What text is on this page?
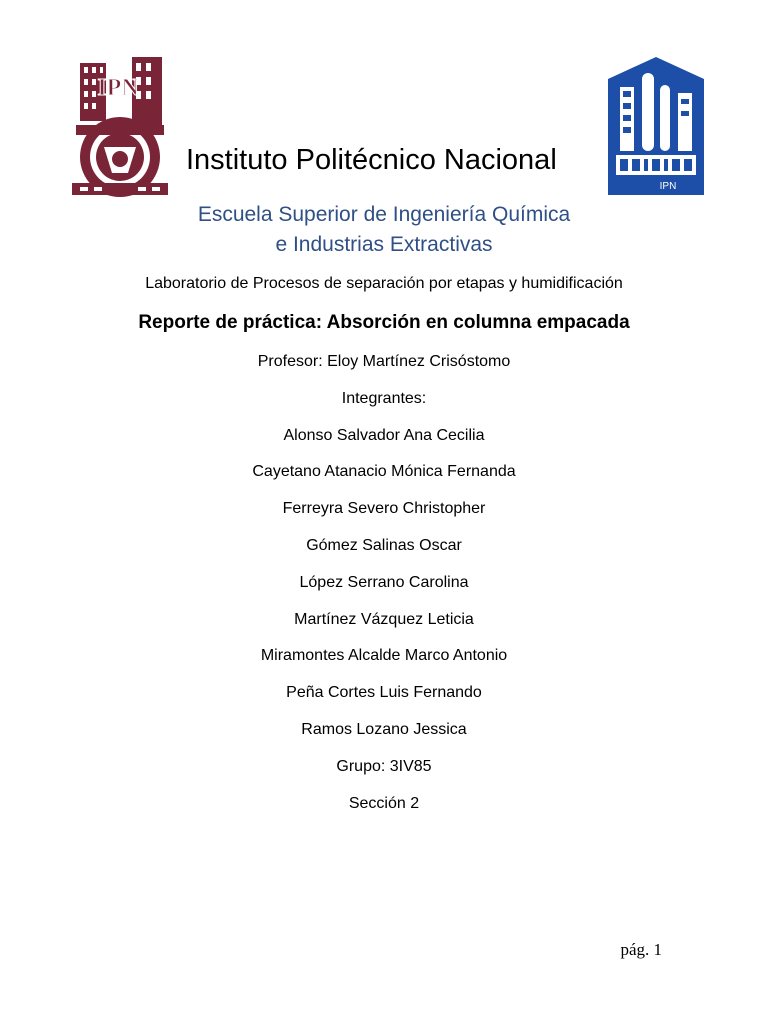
IPN
IPN
Instituto Politécnico Nacional
Escuela Superior de Ingeniería Química
e Industrias Extractivas
Laboratorio de Procesos de separación por etapas y humidificación
Reporte de práctica: Absorción en columna empacada
Profesor: Eloy Martínez Crisóstomo
Integrantes:
Alonso Salvador Ana Cecilia
Cayetano Atanacio Mónica Fernanda
Ferreyra Severo Christopher
Gómez Salinas Oscar
López Serrano Carolina
Martínez Vázquez Leticia
Miramontes Alcalde Marco Antonio
Peña Cortes Luis Fernando
Ramos Lozano Jessica
Grupo: 3IV85
Sección 2
pág. 1
